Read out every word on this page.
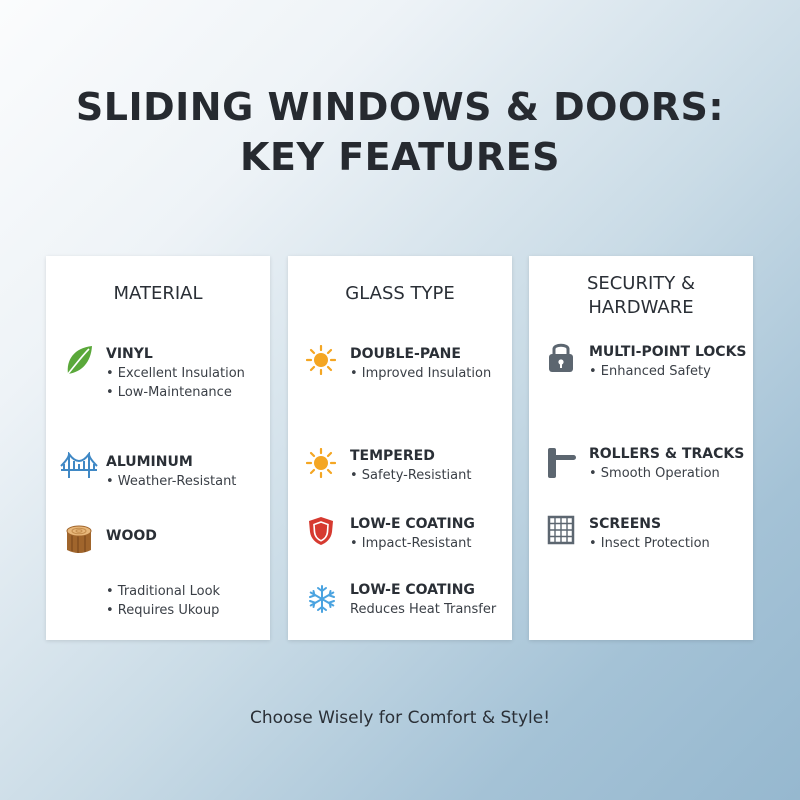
SLIDING WINDOWS & DOORS:
KEY FEATURES
MATERIAL
VINYL
• Excellent Insulation
• Low-Maintenance
ALUMINUM
• Weather-Resistant
WOOD
• Traditional Look
• Requires Ukoup
GLASS TYPE
DOUBLE-PANE
• Improved Insulation
TEMPERED
• Safety-Resistiant
LOW-E COATING
• Impact-Resistant
LOW-E COATING
Reduces Heat Transfer
SECURITY &
HARDWARE
MULTI-POINT LOCKS
• Enhanced Safety
ROLLERS & TRACKS
• Smooth Operation
SCREENS
• Insect Protection
Choose Wisely for Comfort & Style!
